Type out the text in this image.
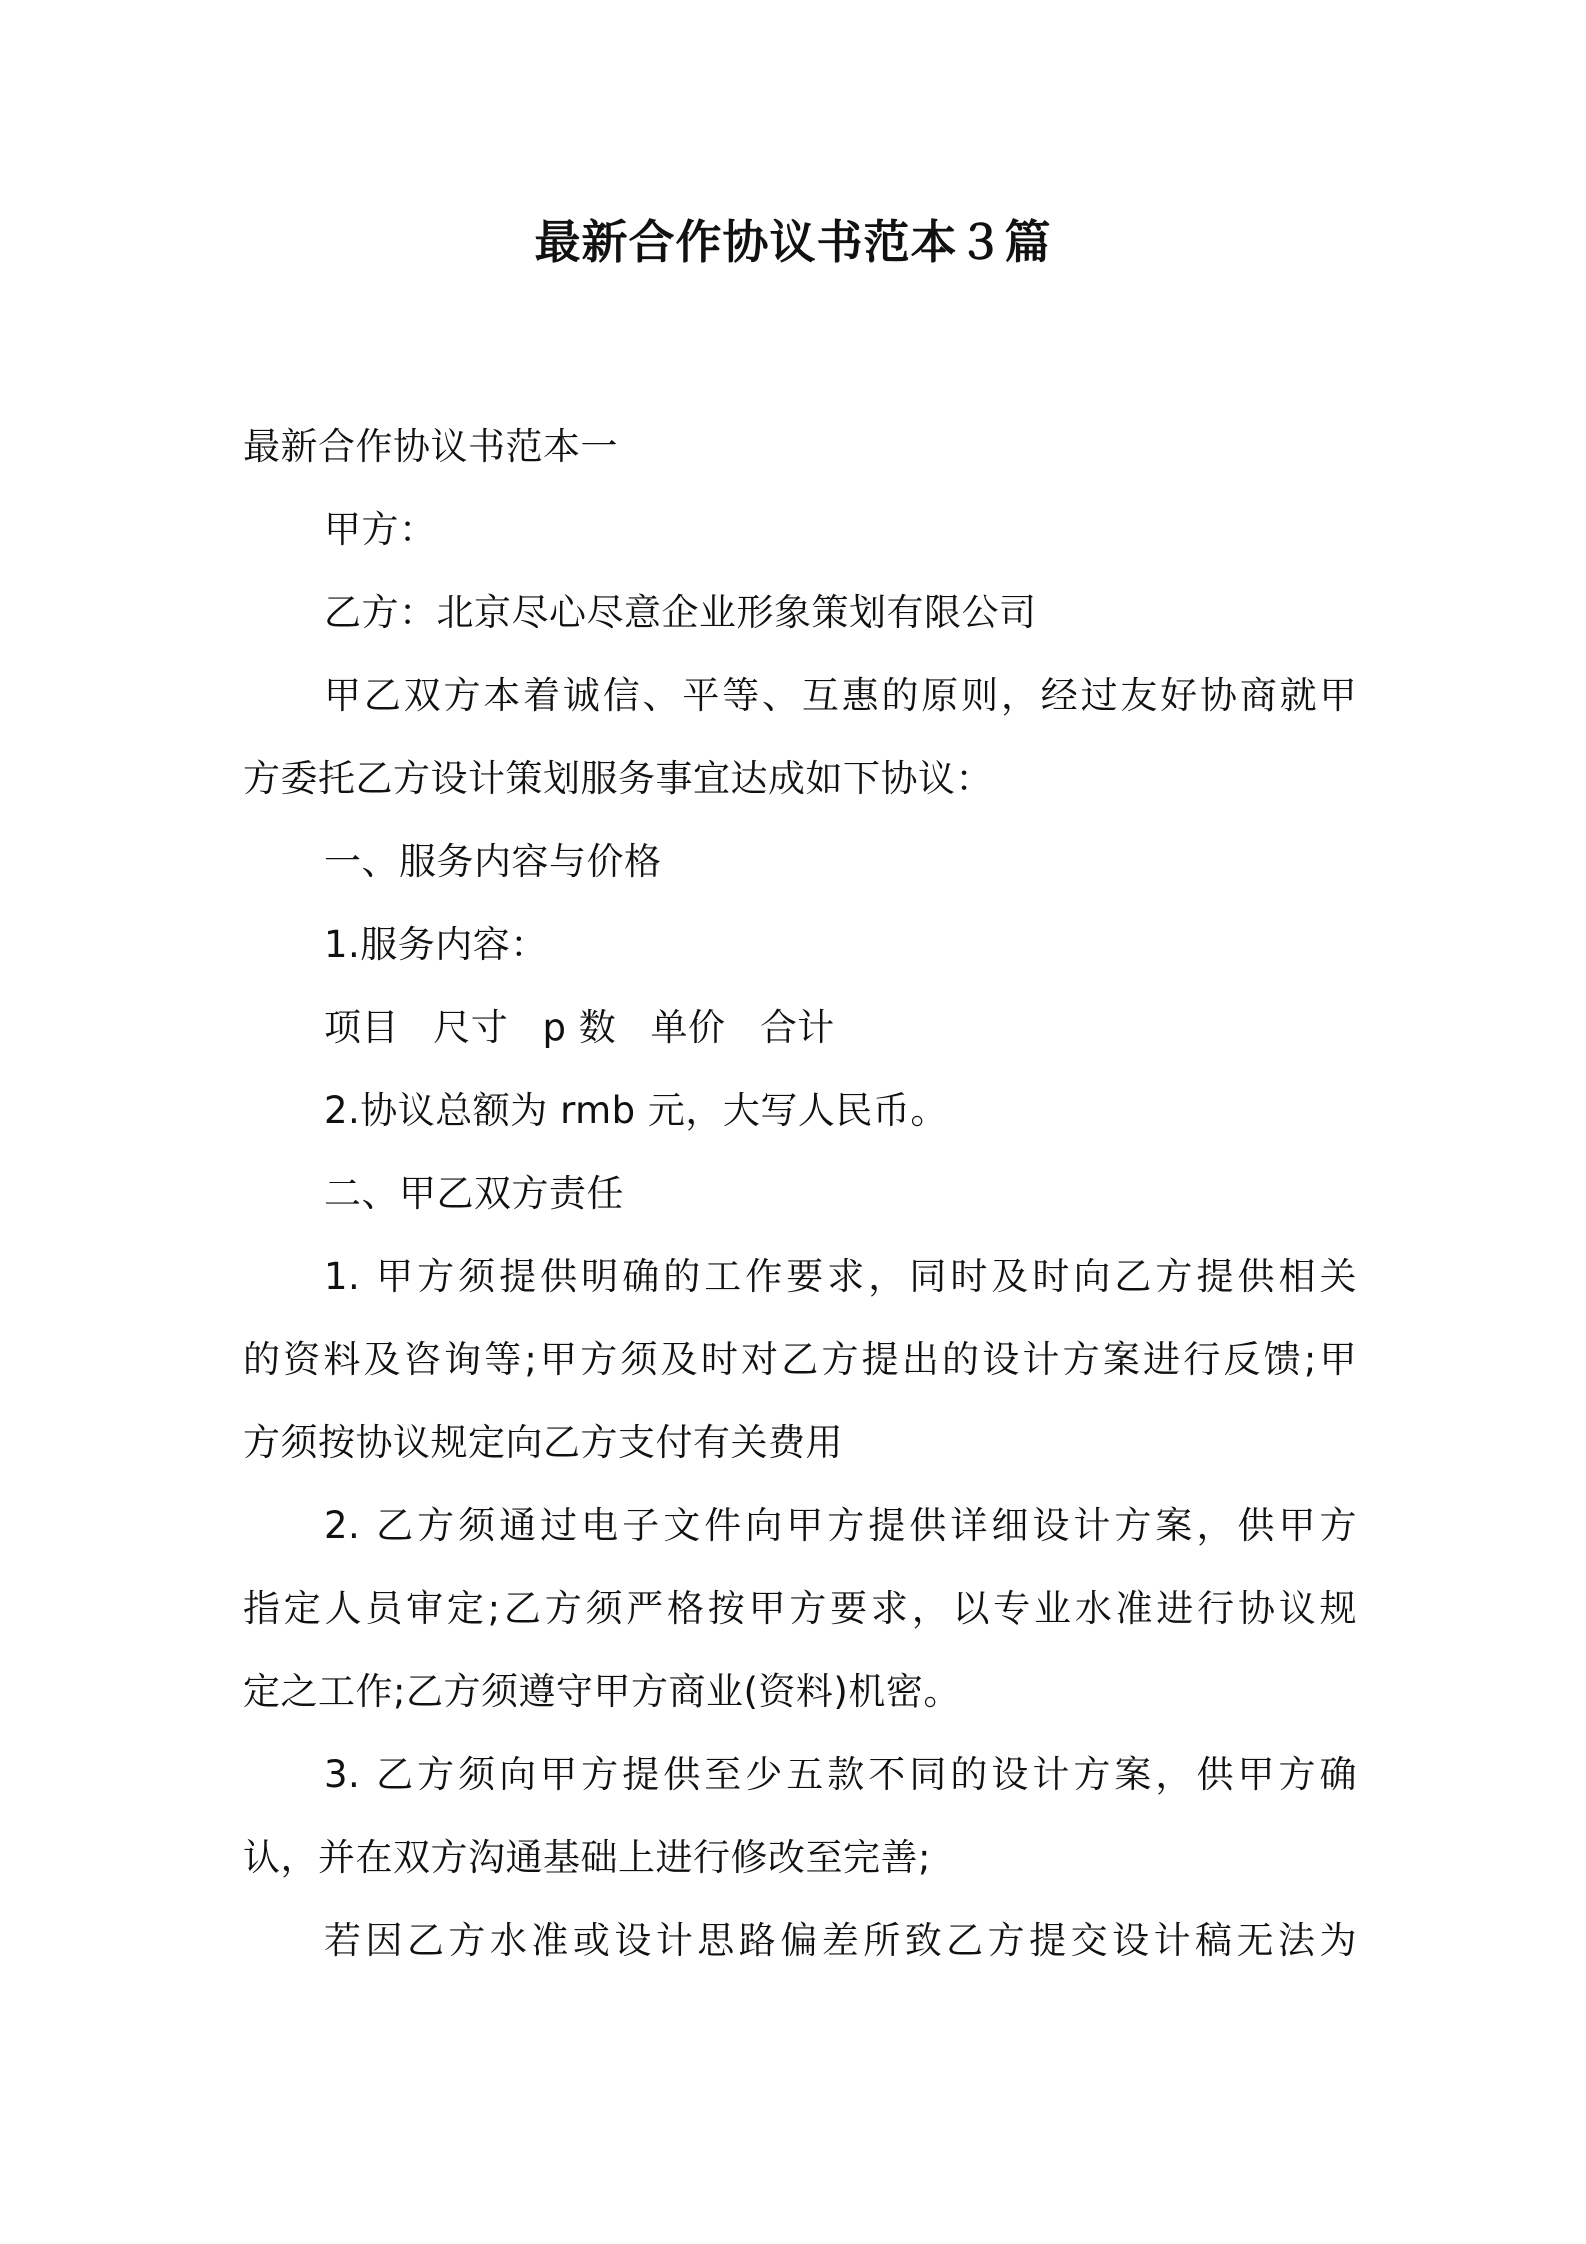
最新合作协议书范本３篇
最新合作协议书范本一
甲方：
乙方：北京尽心尽意企业形象策划有限公司
甲乙双方本着诚信、平等、互惠的原则，经过友好协商就甲
方委托乙方设计策划服务事宜达成如下协议：
一、服务内容与价格
1.服务内容：
项目 尺寸 p 数 单价 合计
2.协议总额为 rmb 元，大写人民币。
二、甲乙双方责任
1. 甲方须提供明确的工作要求，同时及时向乙方提供相关
的资料及咨询等;甲方须及时对乙方提出的设计方案进行反馈;甲
方须按协议规定向乙方支付有关费用
2. 乙方须通过电子文件向甲方提供详细设计方案，供甲方
指定人员审定;乙方须严格按甲方要求，以专业水准进行协议规
定之工作;乙方须遵守甲方商业(资料)机密。
3. 乙方须向甲方提供至少五款不同的设计方案，供甲方确
认，并在双方沟通基础上进行修改至完善;
若因乙方水准或设计思路偏差所致乙方提交设计稿无法为
